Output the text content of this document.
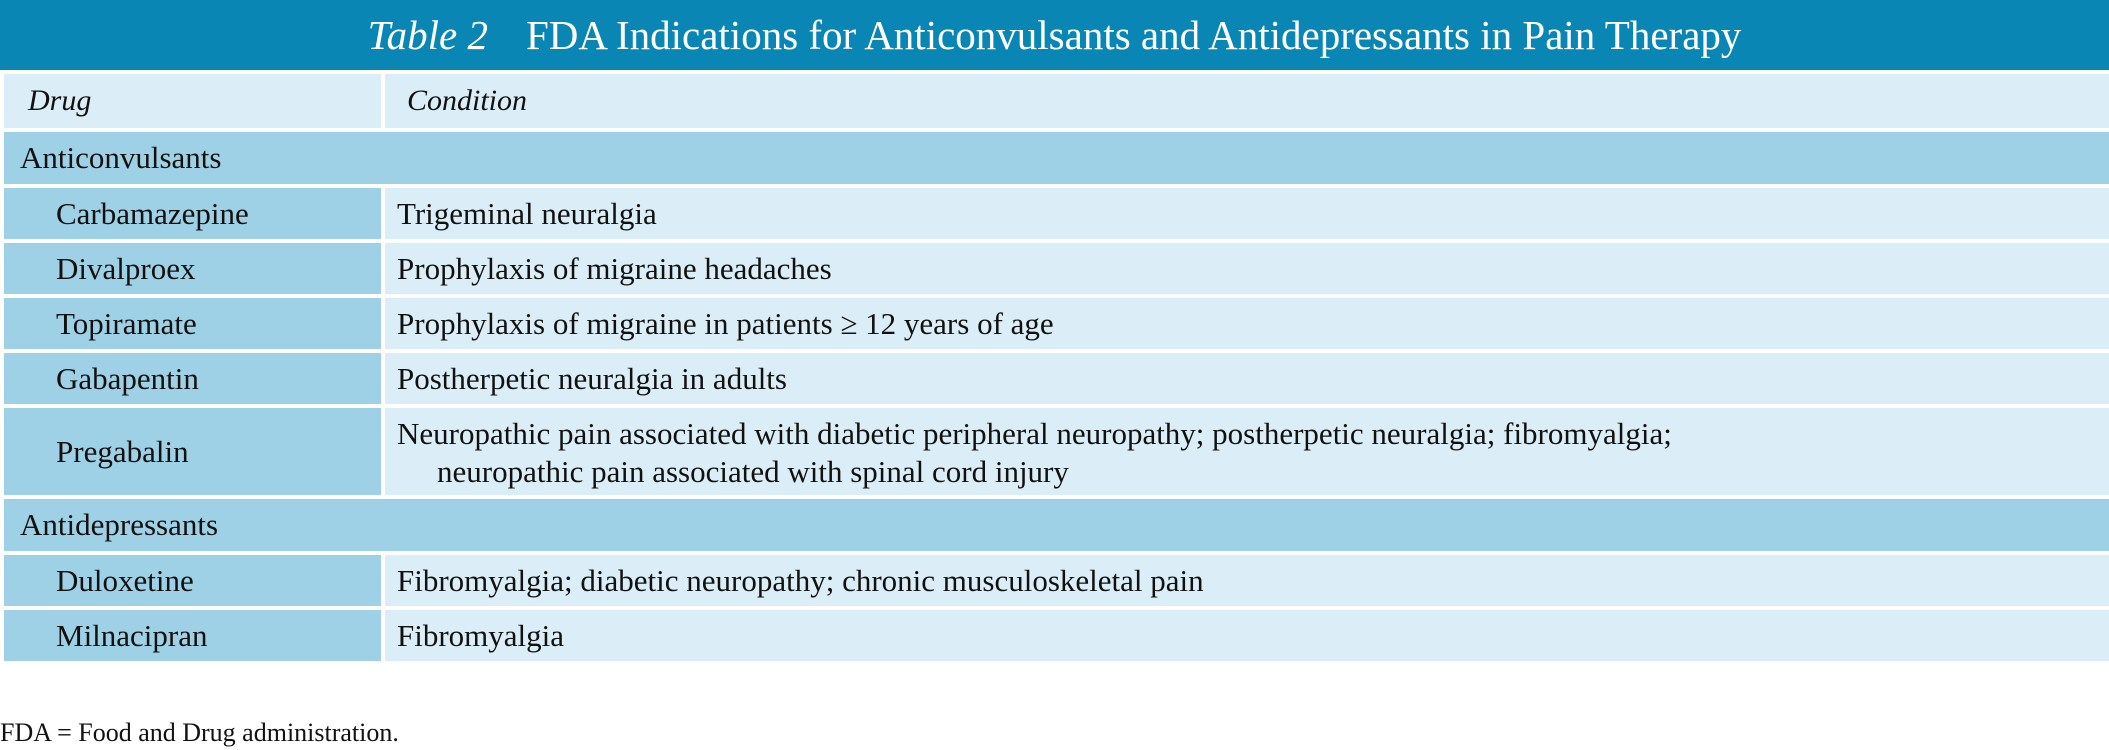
Table 2 FDA Indications for Anticonvulsants and Antidepressants in Pain Therapy
Drug	Condition
Anticonvulsants	
Carbamazepine	Trigeminal neuralgia
Divalproex	Prophylaxis of migraine headaches
Topiramate	Prophylaxis of migraine in patients ≥ 12 years of age
Gabapentin	Postherpetic neuralgia in adults
Pregabalin	Neuropathic pain associated with diabetic peripheral neuropathy; postherpetic neuralgia; fibromyalgia;
neuropathic pain associated with spinal cord injury

Antidepressants	
Duloxetine	Fibromyalgia; diabetic neuropathy; chronic musculoskeletal pain
Milnacipran	Fibromyalgia
FDA = Food and Drug administration.
